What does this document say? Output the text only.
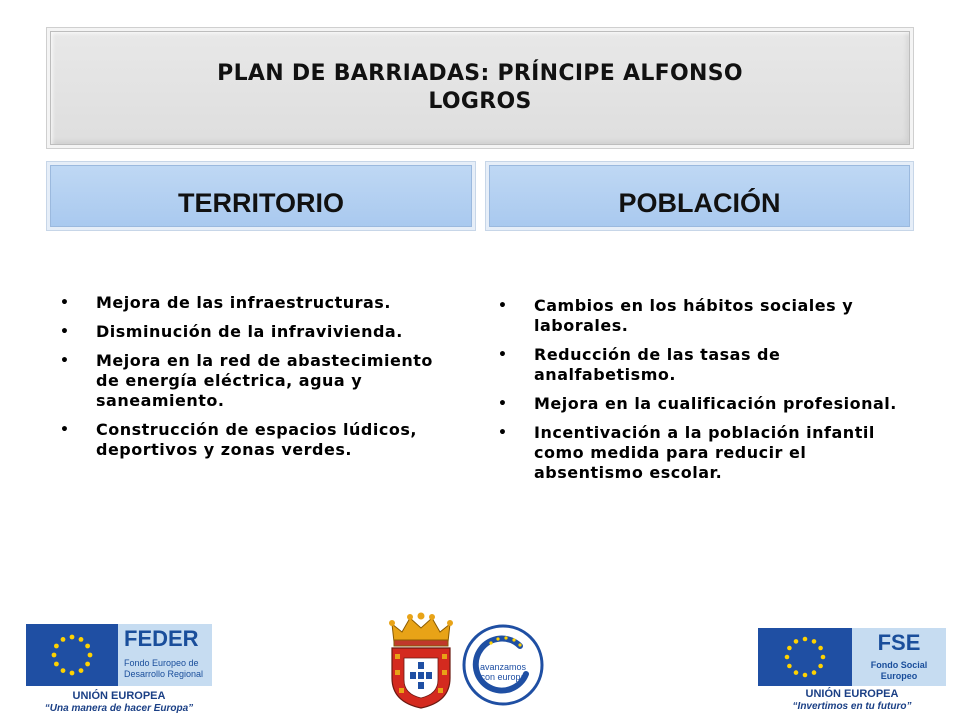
PLAN DE BARRIADAS: PRÍNCIPE ALFONSO
LOGROS
TERRITORIO	POBLACIÓN
• Mejora de las infraestructuras.
• Disminución de la infravivienda.
• Mejora en la red de abastecimiento de energía eléctrica, agua y saneamiento.
• Construcción de espacios lúdicos, deportivos y zonas verdes.
• Cambios en los hábitos sociales y laborales.
• Reducción de las tasas de analfabetismo.
• Mejora en la cualificación profesional.
• Incentivación a la población infantil como medida para reducir el absentismo escolar.
FEDER
Fondo Europeo de
Desarrollo Regional
UNIÓN EUROPEA
“Una manera de hacer Europa”
avanzamos
con europa
FSE
Fondo Social
Europeo
UNIÓN EUROPEA
“Invertimos en tu futuro”
